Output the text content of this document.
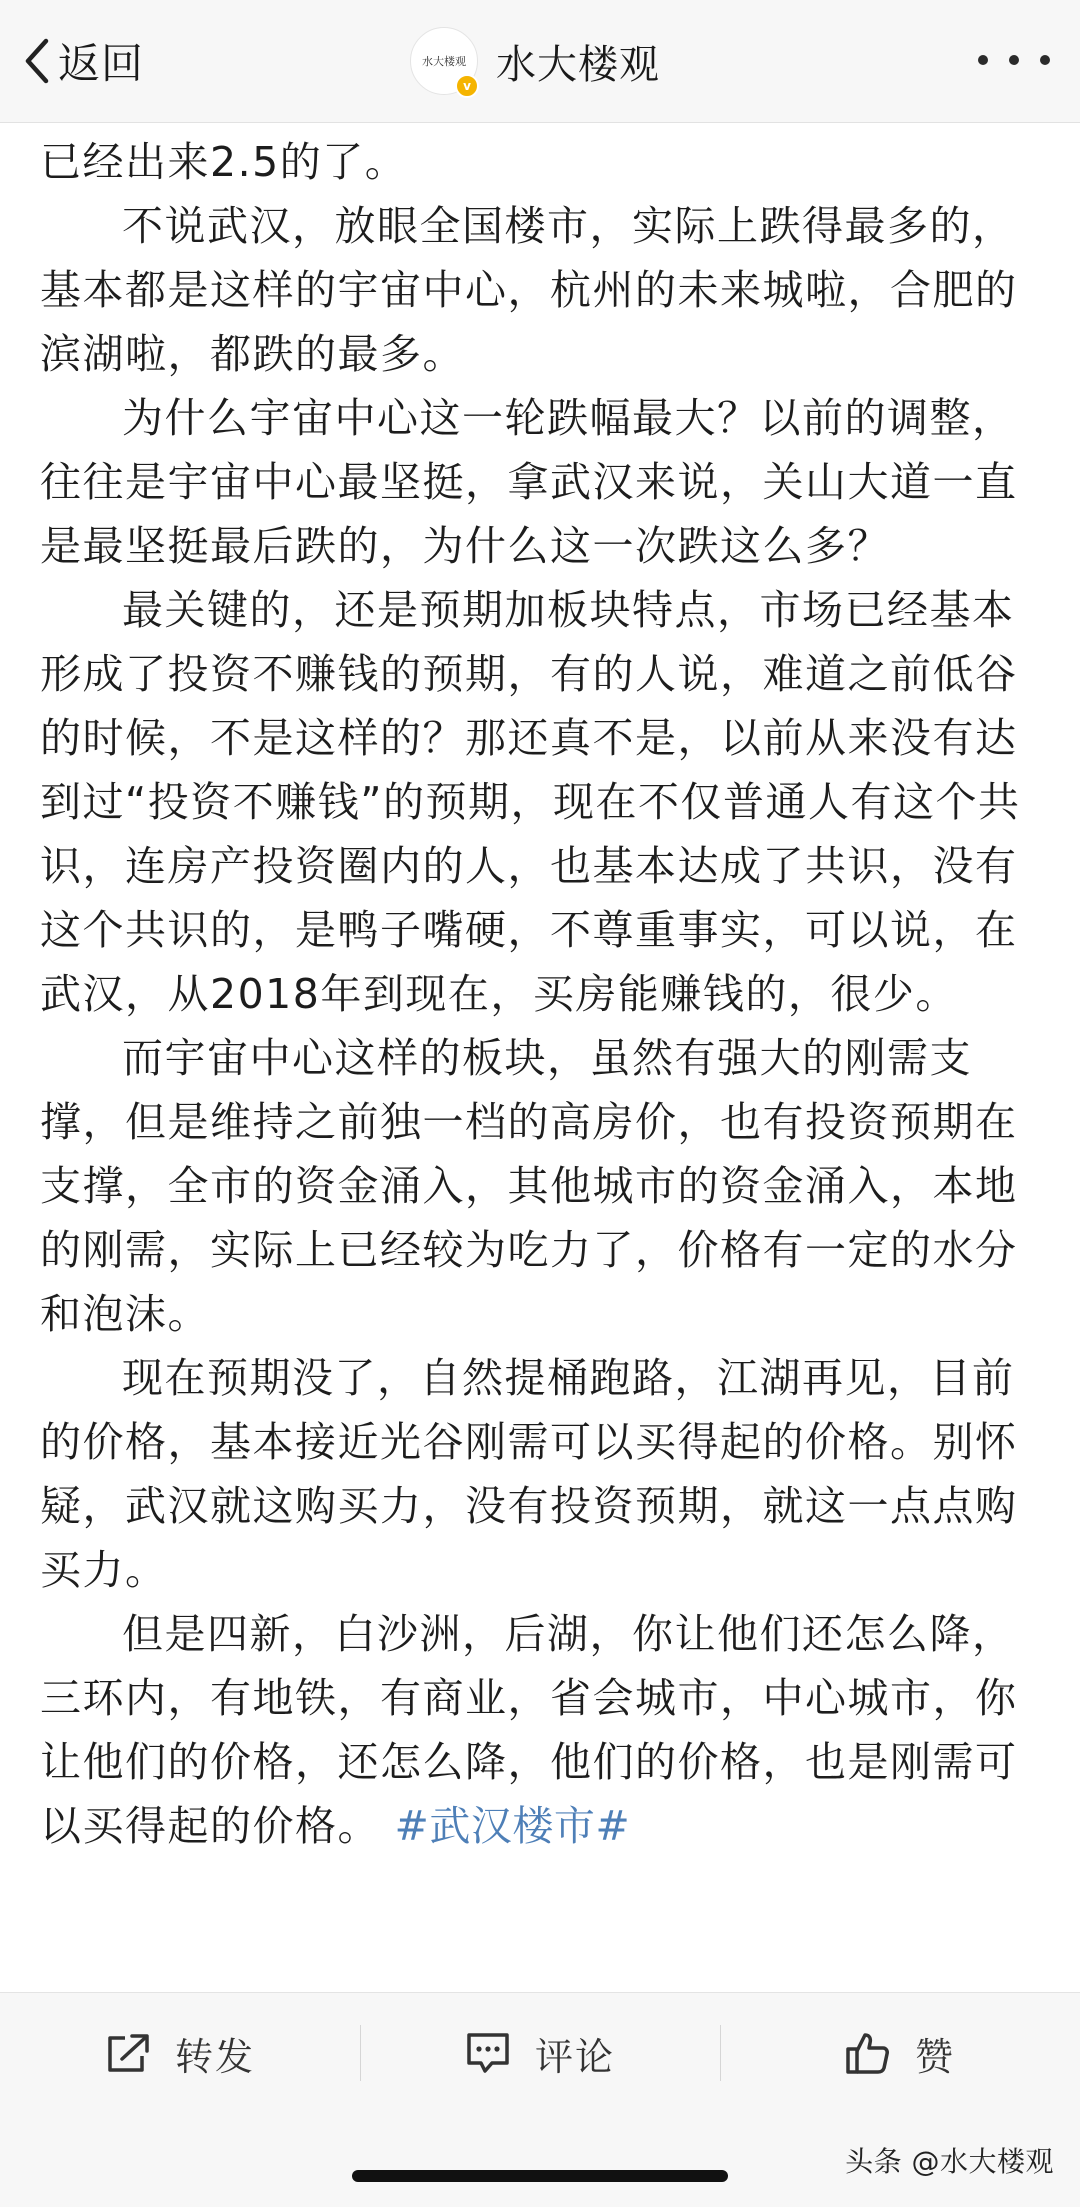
返回	水大楼观
v 水大楼观

已经出来2.5的了。

不说武汉，放眼全国楼市，实际上跌得最多的，基本都是这样的宇宙中心，杭州的未来城啦，合肥的滨湖啦，都跌的最多。

为什么宇宙中心这一轮跌幅最大？以前的调整，往往是宇宙中心最坚挺，拿武汉来说，关山大道一直是最坚挺最后跌的，为什么这一次跌这么多？

最关键的，还是预期加板块特点，市场已经基本形成了投资不赚钱的预期，有的人说，难道之前低谷的时候，不是这样的？那还真不是，以前从来没有达到过“投资不赚钱”的预期，现在不仅普通人有这个共识，连房产投资圈内的人，也基本达成了共识，没有这个共识的，是鸭子嘴硬，不尊重事实，可以说，在武汉，从2018年到现在，买房能赚钱的，很少。

而宇宙中心这样的板块，虽然有强大的刚需支撑，但是维持之前独一档的高房价，也有投资预期在支撑，全市的资金涌入，其他城市的资金涌入，本地的刚需，实际上已经较为吃力了，价格有一定的水分和泡沫。

现在预期没了，自然提桶跑路，江湖再见，目前的价格，基本接近光谷刚需可以买得起的价格。别怀疑，武汉就这购买力，没有投资预期，就这一点点购买力。

但是四新，白沙洲，后湖，你让他们还怎么降，三环内，有地铁，有商业，省会城市，中心城市，你让他们的价格，还怎么降，他们的价格，也是刚需可以买得起的价格。 #武汉楼市#

转发	评论	赞
头条 @水大楼观
